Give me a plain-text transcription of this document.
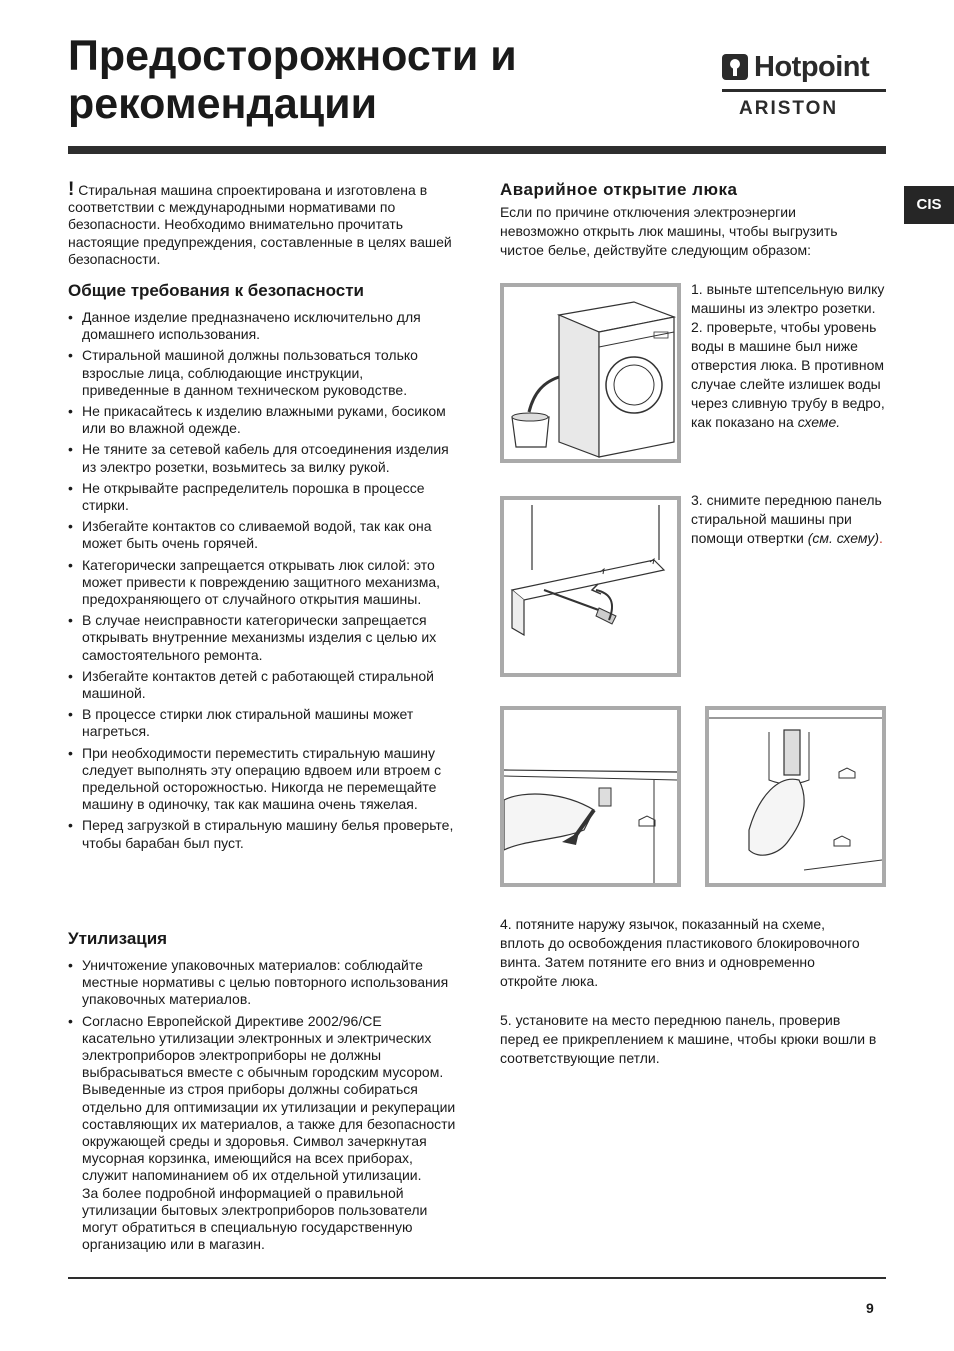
Предосторожности и
рекомендации
Hotpoint
ARISTON
CIS
! Стиральная машина спроектирована и изготовлена в соответствии с международными нормативами по безопасности. Необходимо внимательно прочитать настоящие предупреждения, составленные в целях вашей безопасности.
Общие требования к безопасности
• Данное изделие предназначено исключительно для домашнего использования.
• Стиральной машиной должны пользоваться только взрослые лица, соблюдающие инструкции, приведенные в данном техническом руководстве.
• Не прикасайтесь к изделию влажными руками, босиком или во влажной одежде.
• Не тяните за сетевой кабель для отсоединения изделия из электро розетки, возьмитесь за вилку рукой.
• Не открывайте распределитель порошка в процессе стирки.
• Избегайте контактов со сливаемой водой, так как она может быть очень горячей.
• Категорически запрещается открывать люк силой: это может привести к повреждению защитного механизма, предохраняющего от случайного открытия машины.
• В случае неисправности категорически запрещается открывать внутренние механизмы изделия с целью их самостоятельного ремонта.
• Избегайте контактов детей с работающей стиральной машиной.
• В процессе стирки люк стиральной машины может нагреться.
• При необходимости переместить стиральную машину следует выполнять эту операцию вдвоем или втроем с предельной осторожностью. Никогда не перемещайте машину в одиночку, так как машина очень тяжелая.
• Перед загрузкой в стиральную машину белья проверьте, чтобы барабан был пуст.
Утилизация
• Уничтожение упаковочных материалов: соблюдайте местные нормативы с целью повторного использования упаковочных материалов.
• Согласно Европейской Директиве 2002/96/CE касательно утилизации электронных и электрических электроприборов электроприборы не должны выбрасываться вместе с обычным городским мусором. Выведенные из строя приборы должны собираться отдельно для оптимизации их утилизации и рекуперации составляющих их материалов, а также для безопасности окружающей среды и здоровья. Символ зачеркнутая мусорная корзинка, имеющийся на всех приборах, служит напоминанием об их отдельной утилизации.
За более подробной информацией о правильной утилизации бытовых электроприборов пользователи могут обратиться в специальную государственную организацию или в магазин.
Аварийное открытие люка
Если по причине отключения электроэнергии невозможно открыть люк машины, чтобы выгрузить чистое белье, действуйте следующим образом:
1. выньте штепсельную вилку машины из электро розетки.
2. проверьте, чтобы уровень воды в машине был ниже отверстия люка. В противном случае слейте излишек воды через сливную трубу в ведро, как показано на схеме.
3. снимите переднюю панель стиральной машины при помощи отвертки (см. схему).
4. потяните наружу язычок, показанный на схеме, вплоть до освобождения пластикового блокировочного винта. Затем потяните его вниз и одновременно откройте люка.
5. установите на место переднюю панель, проверив перед ее прикреплением к машине, чтобы крюки вошли в соответствующие петли.
9
